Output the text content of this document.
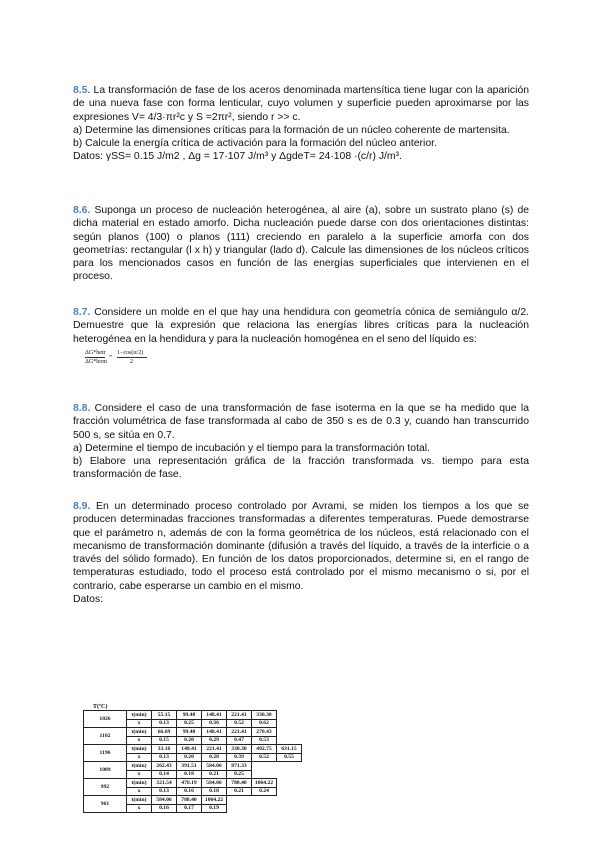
8.5. La transformación de fase de los aceros denominada martensítica tiene lugar con la aparición de una nueva fase con forma lenticular, cuyo volumen y superficie pueden aproximarse por las expresiones V= 4/3·πr²c y S =2πr², siendo r >> c.

a) Determine las dimensiones críticas para la formación de un núcleo coherente de martensita.

b) Calcule la energía crítica de activación para la formación del núcleo anterior.

Datos: γSS= 0.15 J/m2 , Δg = 17·107 J/m³ y ΔgdeT= 24·108 ·(c/r) J/m³.

8.6. Suponga un proceso de nucleación heterogénea, al aire (a), sobre un sustrato plano (s) de dicha material en estado amorfo. Dicha nucleación puede darse con dos orientaciones distintas: según planos (100) o planos (111) creciendo en paralelo a la superficie amorfa con dos geometrías: rectangular (l x h) y triangular (lado d). Calcule las dimensiones de los núcleos críticos para los mencionados casos en función de las energías superficiales que intervienen en el proceso.

8.7. Considere un molde en el que hay una hendidura con geometría cónica de semiángulo α/2. Demuestre que la expresión que relaciona las energías libres críticas para la nucleación heterogénea en la hendidura y para la nucleación homogénea en el seno del líquido es:

ΔG*hetr
ΔG*hom
=
1−cos(α/2)
2

8.8. Considere el caso de una transformación de fase isoterma en la que se ha medido que la fracción volumétrica de fase transformada al cabo de 350 s es de 0.3 y, cuando han transcurrido 500 s, se sitúa en 0.7.

a) Determine el tiempo de incubación y el tiempo para la transformación total.

b) Elabore una representación gráfica de la fracción transformada vs. tiempo para esta transformación de fase.

8.9. En un determinado proceso controlado por Avrami, se miden los tiempos a los que se producen determinadas fracciones transformadas a diferentes temperaturas. Puede demostrarse que el parámetro n, además de con la forma geométrica de los núcleos, está relacionado con el mecanismo de transformación dominante (difusión a través del líquido, a través de la interficie o a través del sólido formado). En función de los datos proporcionados, determine si, en el rango de temperaturas estudiado, todo el proceso está controlado por el mismo mecanismo o si, por el contrario, cabe esperarse un cambio en el mismo.

Datos:

T(ºC)
1026	t(min)	55.15	99.48	148.41	221.41	330.30	
	x	0.13	0.25	0.36	0.52	0.62	
1102	t(min)	66.69	99.48	148.41	221.41	270.43	
	x	0.15	0.20	0.29	0.47	0.53	
1196	t(min)	33.16	148.41	221.41	330.30	492.75	631.15
	x	0.13	0.20	0.28	0.39	0.52	0.55
1009	t(min)	262.43	391.51	584.06	871.33		
	x	0.14	0.18	0.21	0.25		
992	t(min)	321.54	478.19	584.06	788.40	1064.22	
	x	0.13	0.16	0.18	0.21	0.24	
961	t(min)	584.06	788.40	1064.22			
	x	0.16	0.17	0.19			
